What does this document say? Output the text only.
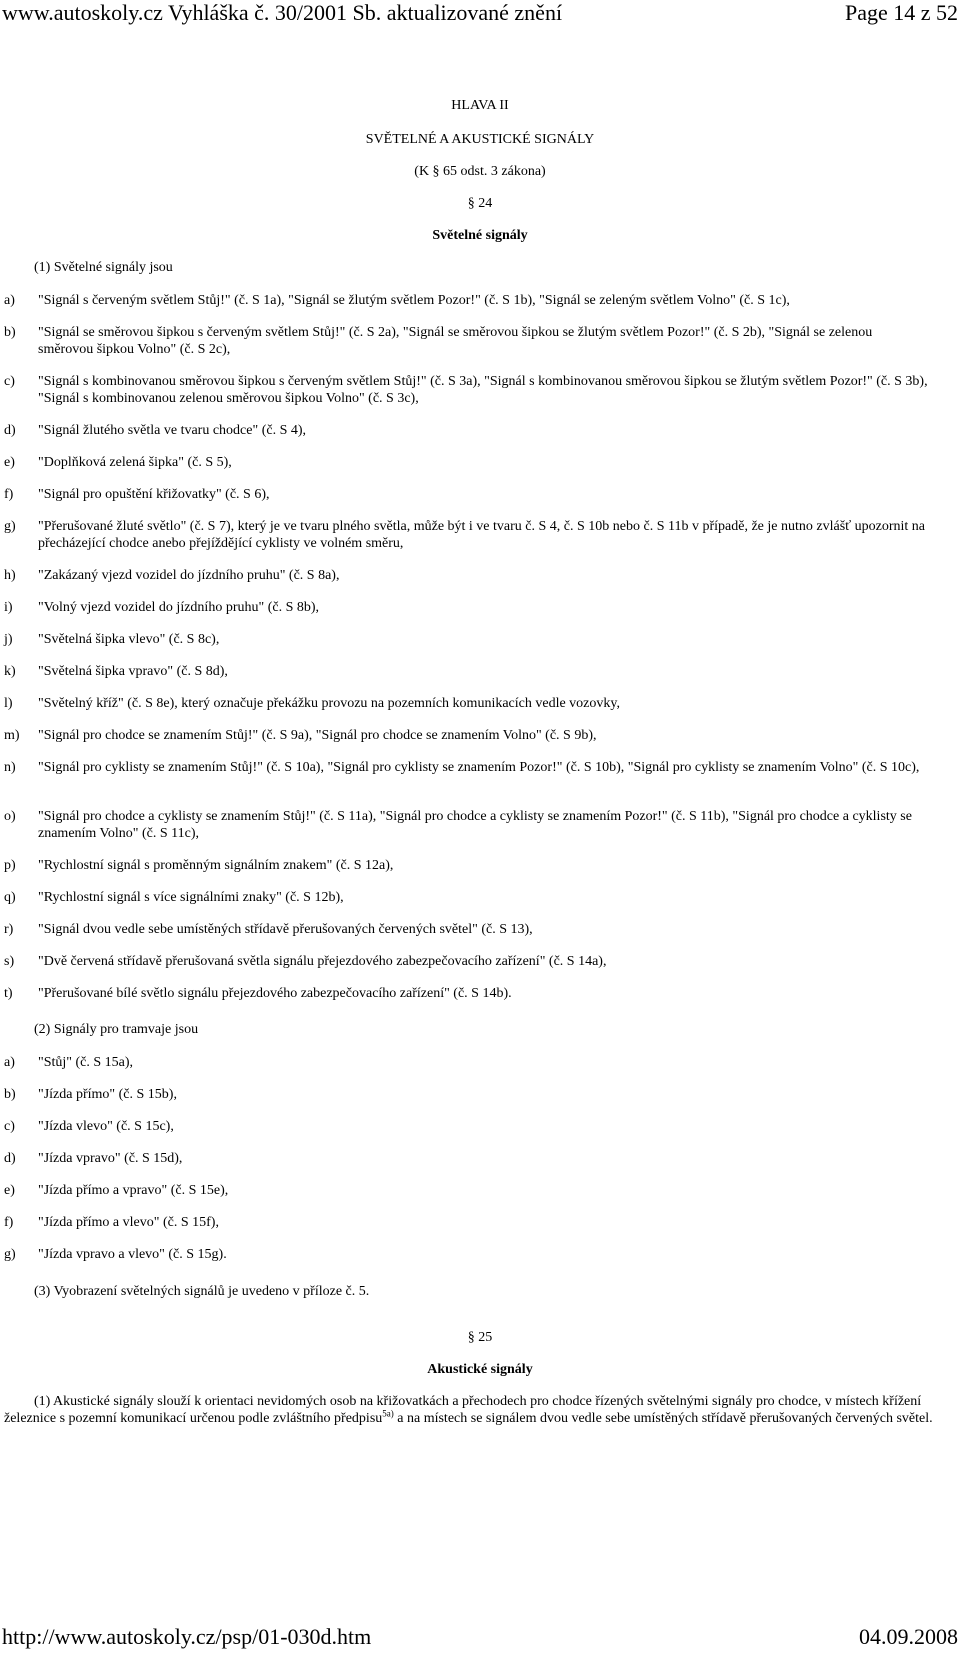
www.autoskoly.cz Vyhláška č. 30/2001 Sb. aktualizované znění	Page 14 z 52
HLAVA II
SVĚTELNÉ A AKUSTICKÉ SIGNÁLY
(K § 65 odst. 3 zákona)
§ 24
Světelné signály
(1) Světelné signály jsou
a) "Signál s červeným světlem Stůj!" (č. S 1a), "Signál se žlutým světlem Pozor!" (č. S 1b), "Signál se zeleným světlem Volno" (č. S 1c),
b) "Signál se směrovou šipkou s červeným světlem Stůj!" (č. S 2a), "Signál se směrovou šipkou se žlutým světlem Pozor!" (č. S 2b), "Signál se zelenou směrovou šipkou Volno" (č. S 2c),
c) "Signál s kombinovanou směrovou šipkou s červeným světlem Stůj!" (č. S 3a), "Signál s kombinovanou směrovou šipkou se žlutým světlem Pozor!" (č. S 3b), "Signál s kombinovanou zelenou směrovou šipkou Volno" (č. S 3c),
d) "Signál žlutého světla ve tvaru chodce" (č. S 4),
e) "Doplňková zelená šipka" (č. S 5),
f) "Signál pro opuštění křižovatky" (č. S 6),
g) "Přerušované žluté světlo" (č. S 7), který je ve tvaru plného světla, může být i ve tvaru č. S 4, č. S 10b nebo č. S 11b v případě, že je nutno zvlášť upozornit na přecházející chodce anebo přejíždějící cyklisty ve volném směru,
h) "Zakázaný vjezd vozidel do jízdního pruhu" (č. S 8a),
i) "Volný vjezd vozidel do jízdního pruhu" (č. S 8b),
j) "Světelná šipka vlevo" (č. S 8c),
k) "Světelná šipka vpravo" (č. S 8d),
l) "Světelný kříž" (č. S 8e), který označuje překážku provozu na pozemních komunikacích vedle vozovky,
m) "Signál pro chodce se znamením Stůj!" (č. S 9a), "Signál pro chodce se znamením Volno" (č. S 9b),
n) "Signál pro cyklisty se znamením Stůj!" (č. S 10a), "Signál pro cyklisty se znamením Pozor!" (č. S 10b), "Signál pro cyklisty se znamením Volno" (č. S 10c),
o) "Signál pro chodce a cyklisty se znamením Stůj!" (č. S 11a), "Signál pro chodce a cyklisty se znamením Pozor!" (č. S 11b), "Signál pro chodce a cyklisty se znamením Volno" (č. S 11c),
p) "Rychlostní signál s proměnným signálním znakem" (č. S 12a),
q) "Rychlostní signál s více signálními znaky" (č. S 12b),
r) "Signál dvou vedle sebe umístěných střídavě přerušovaných červených světel" (č. S 13),
s) "Dvě červená střídavě přerušovaná světla signálu přejezdového zabezpečovacího zařízení" (č. S 14a),
t) "Přerušované bílé světlo signálu přejezdového zabezpečovacího zařízení" (č. S 14b).
(2) Signály pro tramvaje jsou
a) "Stůj" (č. S 15a),
b) "Jízda přímo" (č. S 15b),
c) "Jízda vlevo" (č. S 15c),
d) "Jízda vpravo" (č. S 15d),
e) "Jízda přímo a vpravo" (č. S 15e),
f) "Jízda přímo a vlevo" (č. S 15f),
g) "Jízda vpravo a vlevo" (č. S 15g).
(3) Vyobrazení světelných signálů je uvedeno v příloze č. 5.
§ 25
Akustické signály
(1) Akustické signály slouží k orientaci nevidomých osob na křižovatkách a přechodech pro chodce řízených světelnými signály pro chodce, v místech křížení železnice s pozemní komunikací určenou podle zvláštního předpisu$^{5a)}$ a na místech se signálem dvou vedle sebe umístěných střídavě přerušovaných červených světel.
http://www.autoskoly.cz/psp/01-030d.htm	04.09.2008
